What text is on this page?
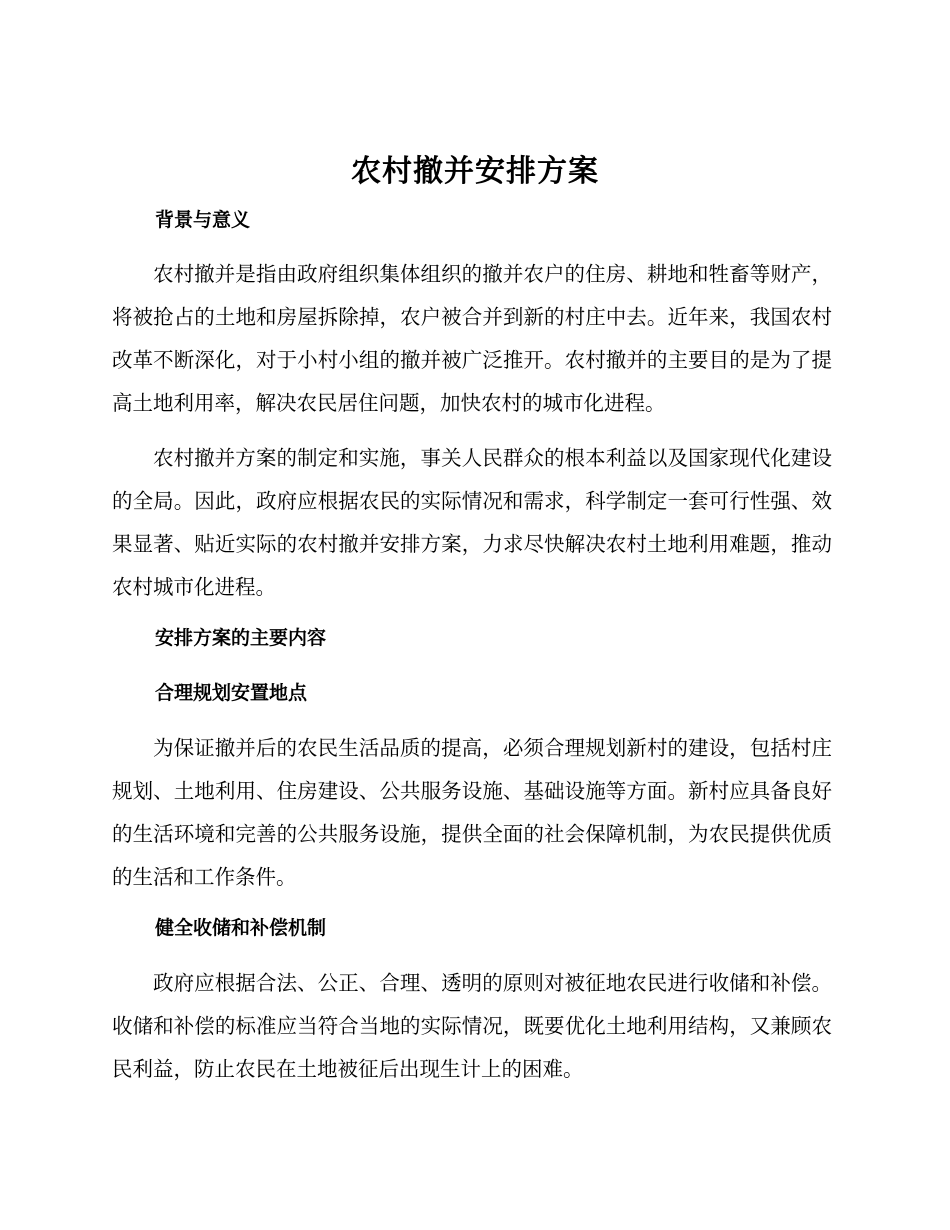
农村撤并安排方案
背景与意义

农村撤并是指由政府组织集体组织的撤并农户的住房、耕地和牲畜等财产，将被抢占的土地和房屋拆除掉，农户被合并到新的村庄中去。近年来，我国农村改革不断深化，对于小村小组的撤并被广泛推开。农村撤并的主要目的是为了提高土地利用率，解决农民居住问题，加快农村的城市化进程。

农村撤并方案的制定和实施，事关人民群众的根本利益以及国家现代化建设的全局。因此，政府应根据农民的实际情况和需求，科学制定一套可行性强、效果显著、贴近实际的农村撤并安排方案，力求尽快解决农村土地利用难题，推动农村城市化进程。

安排方案的主要内容
合理规划安置地点

为保证撤并后的农民生活品质的提高，必须合理规划新村的建设，包括村庄规划、土地利用、住房建设、公共服务设施、基础设施等方面。新村应具备良好的生活环境和完善的公共服务设施，提供全面的社会保障机制，为农民提供优质的生活和工作条件。

健全收储和补偿机制

政府应根据合法、公正、合理、透明的原则对被征地农民进行收储和补偿。收储和补偿的标准应当符合当地的实际情况，既要优化土地利用结构，又兼顾农民利益，防止农民在土地被征后出现生计上的困难。
